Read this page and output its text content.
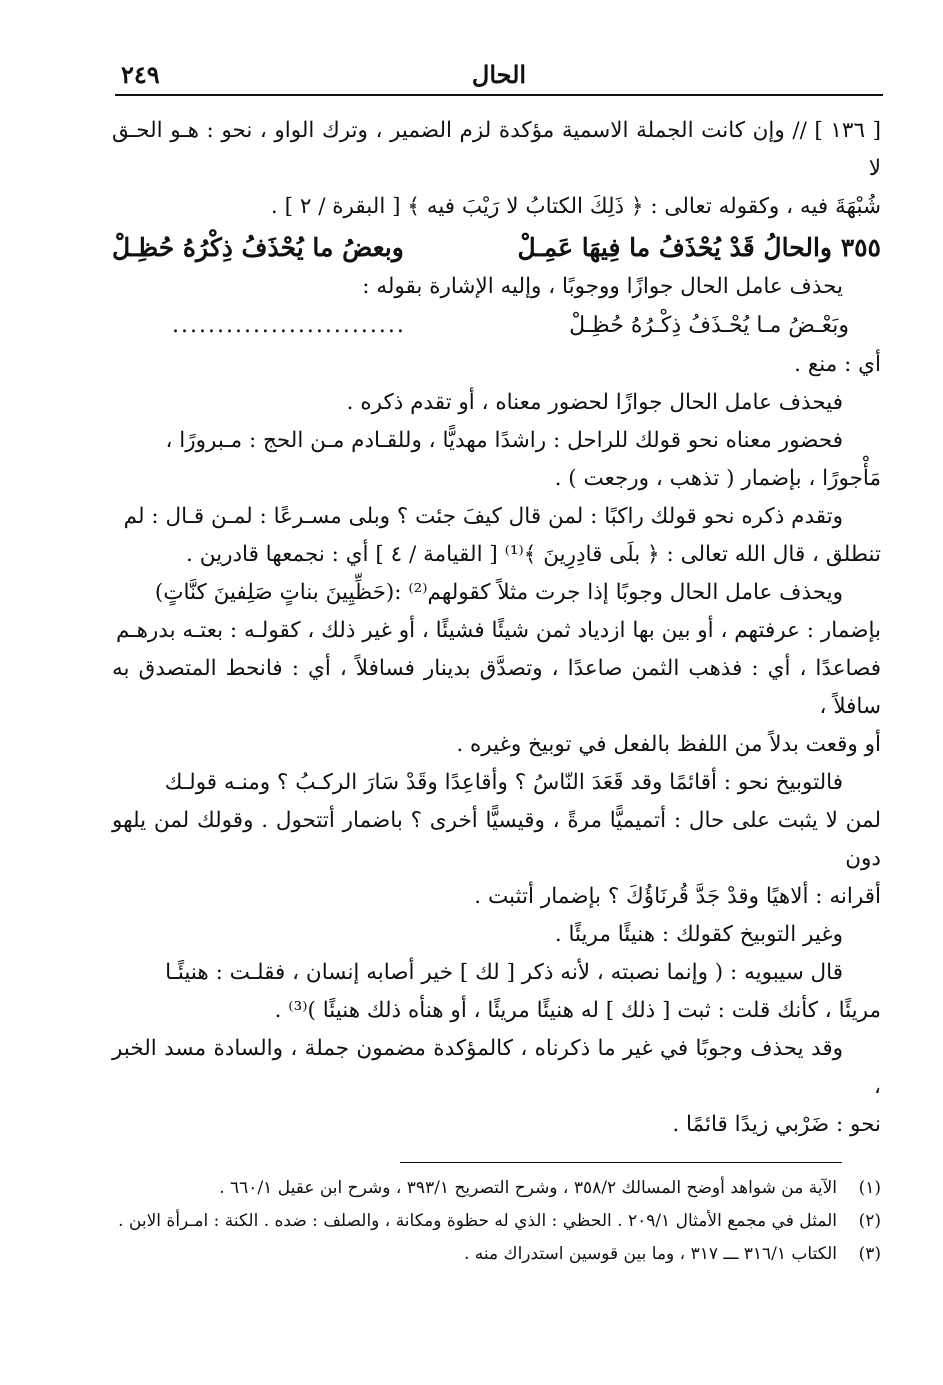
الحال
٢٤٩

[ ١٣٦ ] // وإن كانت الجملة الاسمية مؤكدة لزم الضمير ، وترك الواو ، نحو : هـو الحـق لا

شُبْهَةَ فيه ، وكقوله تعالى : ﴿ ذَلِكَ الكتابُ لا رَيْبَ فيه ﴾ [ البقرة / ٢ ] .

٣٥٥ والحالُ قَدْ يُحْذَفُ ما فِيهَا عَمِـلْ
وبعضُ ما يُحْذَفُ ذِكْرُهُ حُظِـلْ

يحذف عامل الحال جوازًا ووجوبًا ، وإليه الإشارة بقوله :

وبَعْـضُ مـا يُحْـذَفُ ذِكْـرُهُ حُظِـلْ
..........................

أي : منع .

فيحذف عامل الحال جوازًا لحضور معناه ، أو تقدم ذكره .

فحضور معناه نحو قولك للراحل : راشدًا مهديًّا ، وللقـادم مـن الحج : مـبرورًا ،

مَأْجورًا ، بإضمار ( تذهب ، ورجعت ) .

وتقدم ذكره نحو قولك راكبًا : لمن قال كيفَ جئت ؟ وبلى مسـرعًا : لمـن قـال : لم

تنطلق ، قال الله تعالى : ﴿ بلَى قادِرِينَ ﴾⁽¹⁾ [ القيامة / ٤ ] أي : نجمعها قادرين .

ويحذف عامل الحال وجوبًا إذا جرت مثلاً كقولهم⁽²⁾ :(حَظِّيِينَ بناتٍ صَلِفينَ كنَّاتٍ)

بإضمار : عرفتهم ، أو بين بها ازدياد ثمن شيئًا فشيئًا ، أو غير ذلك ، كقولـه : بعتـه بدرهـم

فصاعدًا ، أي : فذهب الثمن صاعدًا ، وتصدَّق بدينار فسافلاً ، أي : فانحط المتصدق به سافلاً ،

أو وقعت بدلاً من اللفظ بالفعل في توبيخ وغيره .

فالتوبيخ نحو : أقائمًا وقد قَعَدَ النّاسُ ؟ وأقاعِدًا وقَدْ سَارَ الركـبُ ؟ ومنـه قولـك

لمن لا يثبت على حال : أتميميًّا مرةً ، وقيسيًّا أخرى ؟ باضمار أتتحول . وقولك لمن يلهو دون

أقرانه : ألاهيًا وقدْ جَدَّ قُرنَاؤُكَ ؟ بإضمار أتثبت .

وغير التوبيخ كقولك : هنيئًا مريئًا .

قال سيبويه : ( وإنما نصبته ، لأنه ذكر [ لك ] خير أصابه إنسان ، فقلـت : هنيئًـا

مريئًا ، كأنك قلت : ثبت [ ذلك ] له هنيئًا مريئًا ، أو هنأه ذلك هنيئًا )⁽³⁾ .

وقد يحذف وجوبًا في غير ما ذكرناه ، كالمؤكدة مضمون جملة ، والسادة مسد الخبر ،

نحو : ضَرْبي زيدًا قائمًا .

(١)
الآية من شواهد أوضح المسالك ٣٥٨/٢ ، وشرح التصريح ٣٩٣/١ ، وشرح ابن عقيل ٦٦٠/١ .
(٢)
المثل في مجمع الأمثال ٢٠٩/١ . الحظي : الذي له حظوة ومكانة ، والصلف : ضده . الكنة : امـرأة الابن .
(٣)
الكتاب ٣١٦/١ ـــ ٣١٧ ، وما بين قوسين استدراك منه .
